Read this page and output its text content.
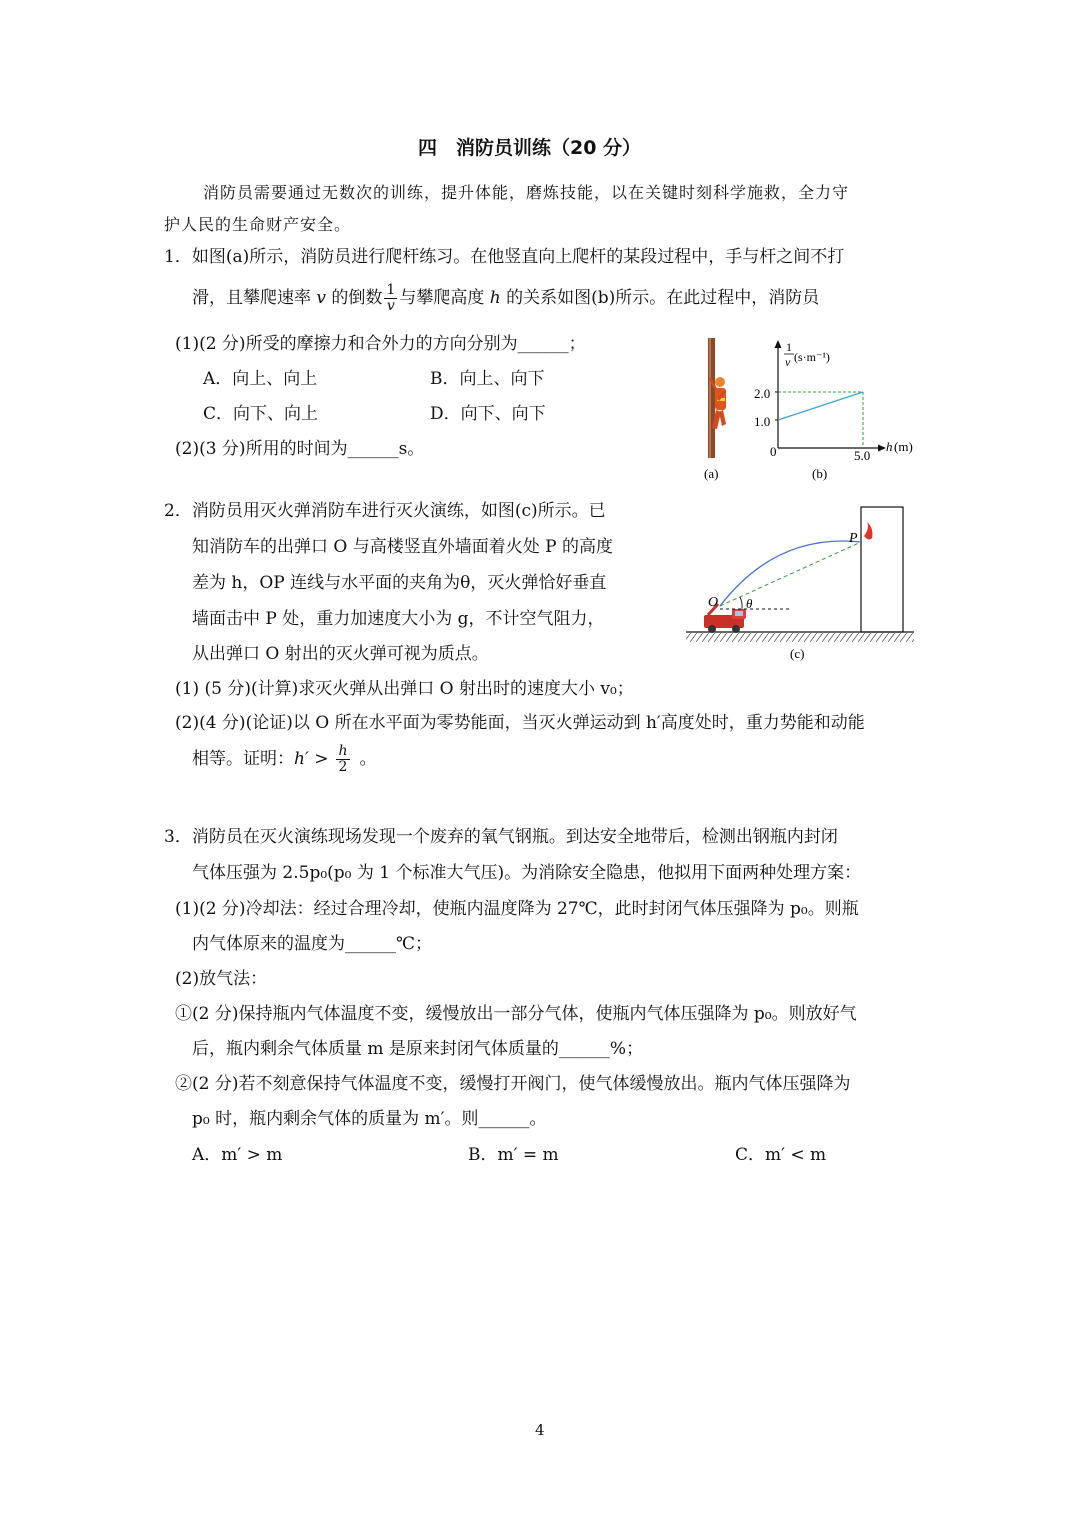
四　消防员训练（20 分）
消防员需要通过无数次的训练，提升体能，磨炼技能，以在关键时刻科学施救，全力守
护人民的生命财产安全。
1．如图(a)所示，消防员进行爬杆练习。在他竖直向上爬杆的某段过程中，手与杆之间不打
滑，且攀爬速率 v 的倒数 $\frac{1}{v}$ 与攀爬高度 h 的关系如图(b)所示。在此过程中，消防员
(1)(2 分)所受的摩擦力和合外力的方向分别为______；
A．向上、向上	B．向上、向下
C．向下、向上	D．向下、向下
(2)(3 分)所用的时间为______s。
(a)
1
v (s·m⁻¹)
2.0
1.0
0	5.0
h (m)
(b)
2．消防员用灭火弹消防车进行灭火演练，如图(c)所示。已
知消防车的出弹口 O 与高楼竖直外墙面着火处 P 的高度
差为 h，OP 连线与水平面的夹角为θ，灭火弹恰好垂直
墙面击中 P 处，重力加速度大小为 g，不计空气阻力，
从出弹口 O 射出的灭火弹可视为质点。
O θ
P
(c)
(1) (5 分)(计算)求灭火弹从出弹口 O 射出时的速度大小 v₀；
(2)(4 分)(论证)以 O 所在水平面为零势能面，当灭火弹运动到 h′高度处时，重力势能和动能
相等。证明：$h' > \frac{h}{2}$ 。
3．消防员在灭火演练现场发现一个废弃的氧气钢瓶。到达安全地带后，检测出钢瓶内封闭
气体压强为 2.5p₀(p₀ 为 1 个标准大气压)。为消除安全隐患，他拟用下面两种处理方案：
(1)(2 分)冷却法：经过合理冷却，使瓶内温度降为 27℃，此时封闭气体压强降为 p₀。则瓶
内气体原来的温度为______℃；
(2)放气法：
①(2 分)保持瓶内气体温度不变，缓慢放出一部分气体，使瓶内气体压强降为 p₀。则放好气
后，瓶内剩余气体质量 m 是原来封闭气体质量的______%；
②(2 分)若不刻意保持气体温度不变，缓慢打开阀门，使气体缓慢放出。瓶内气体压强降为
p₀ 时，瓶内剩余气体的质量为 m′。则______。
A．m′ > m	B．m′ = m	C．m′ < m
4
